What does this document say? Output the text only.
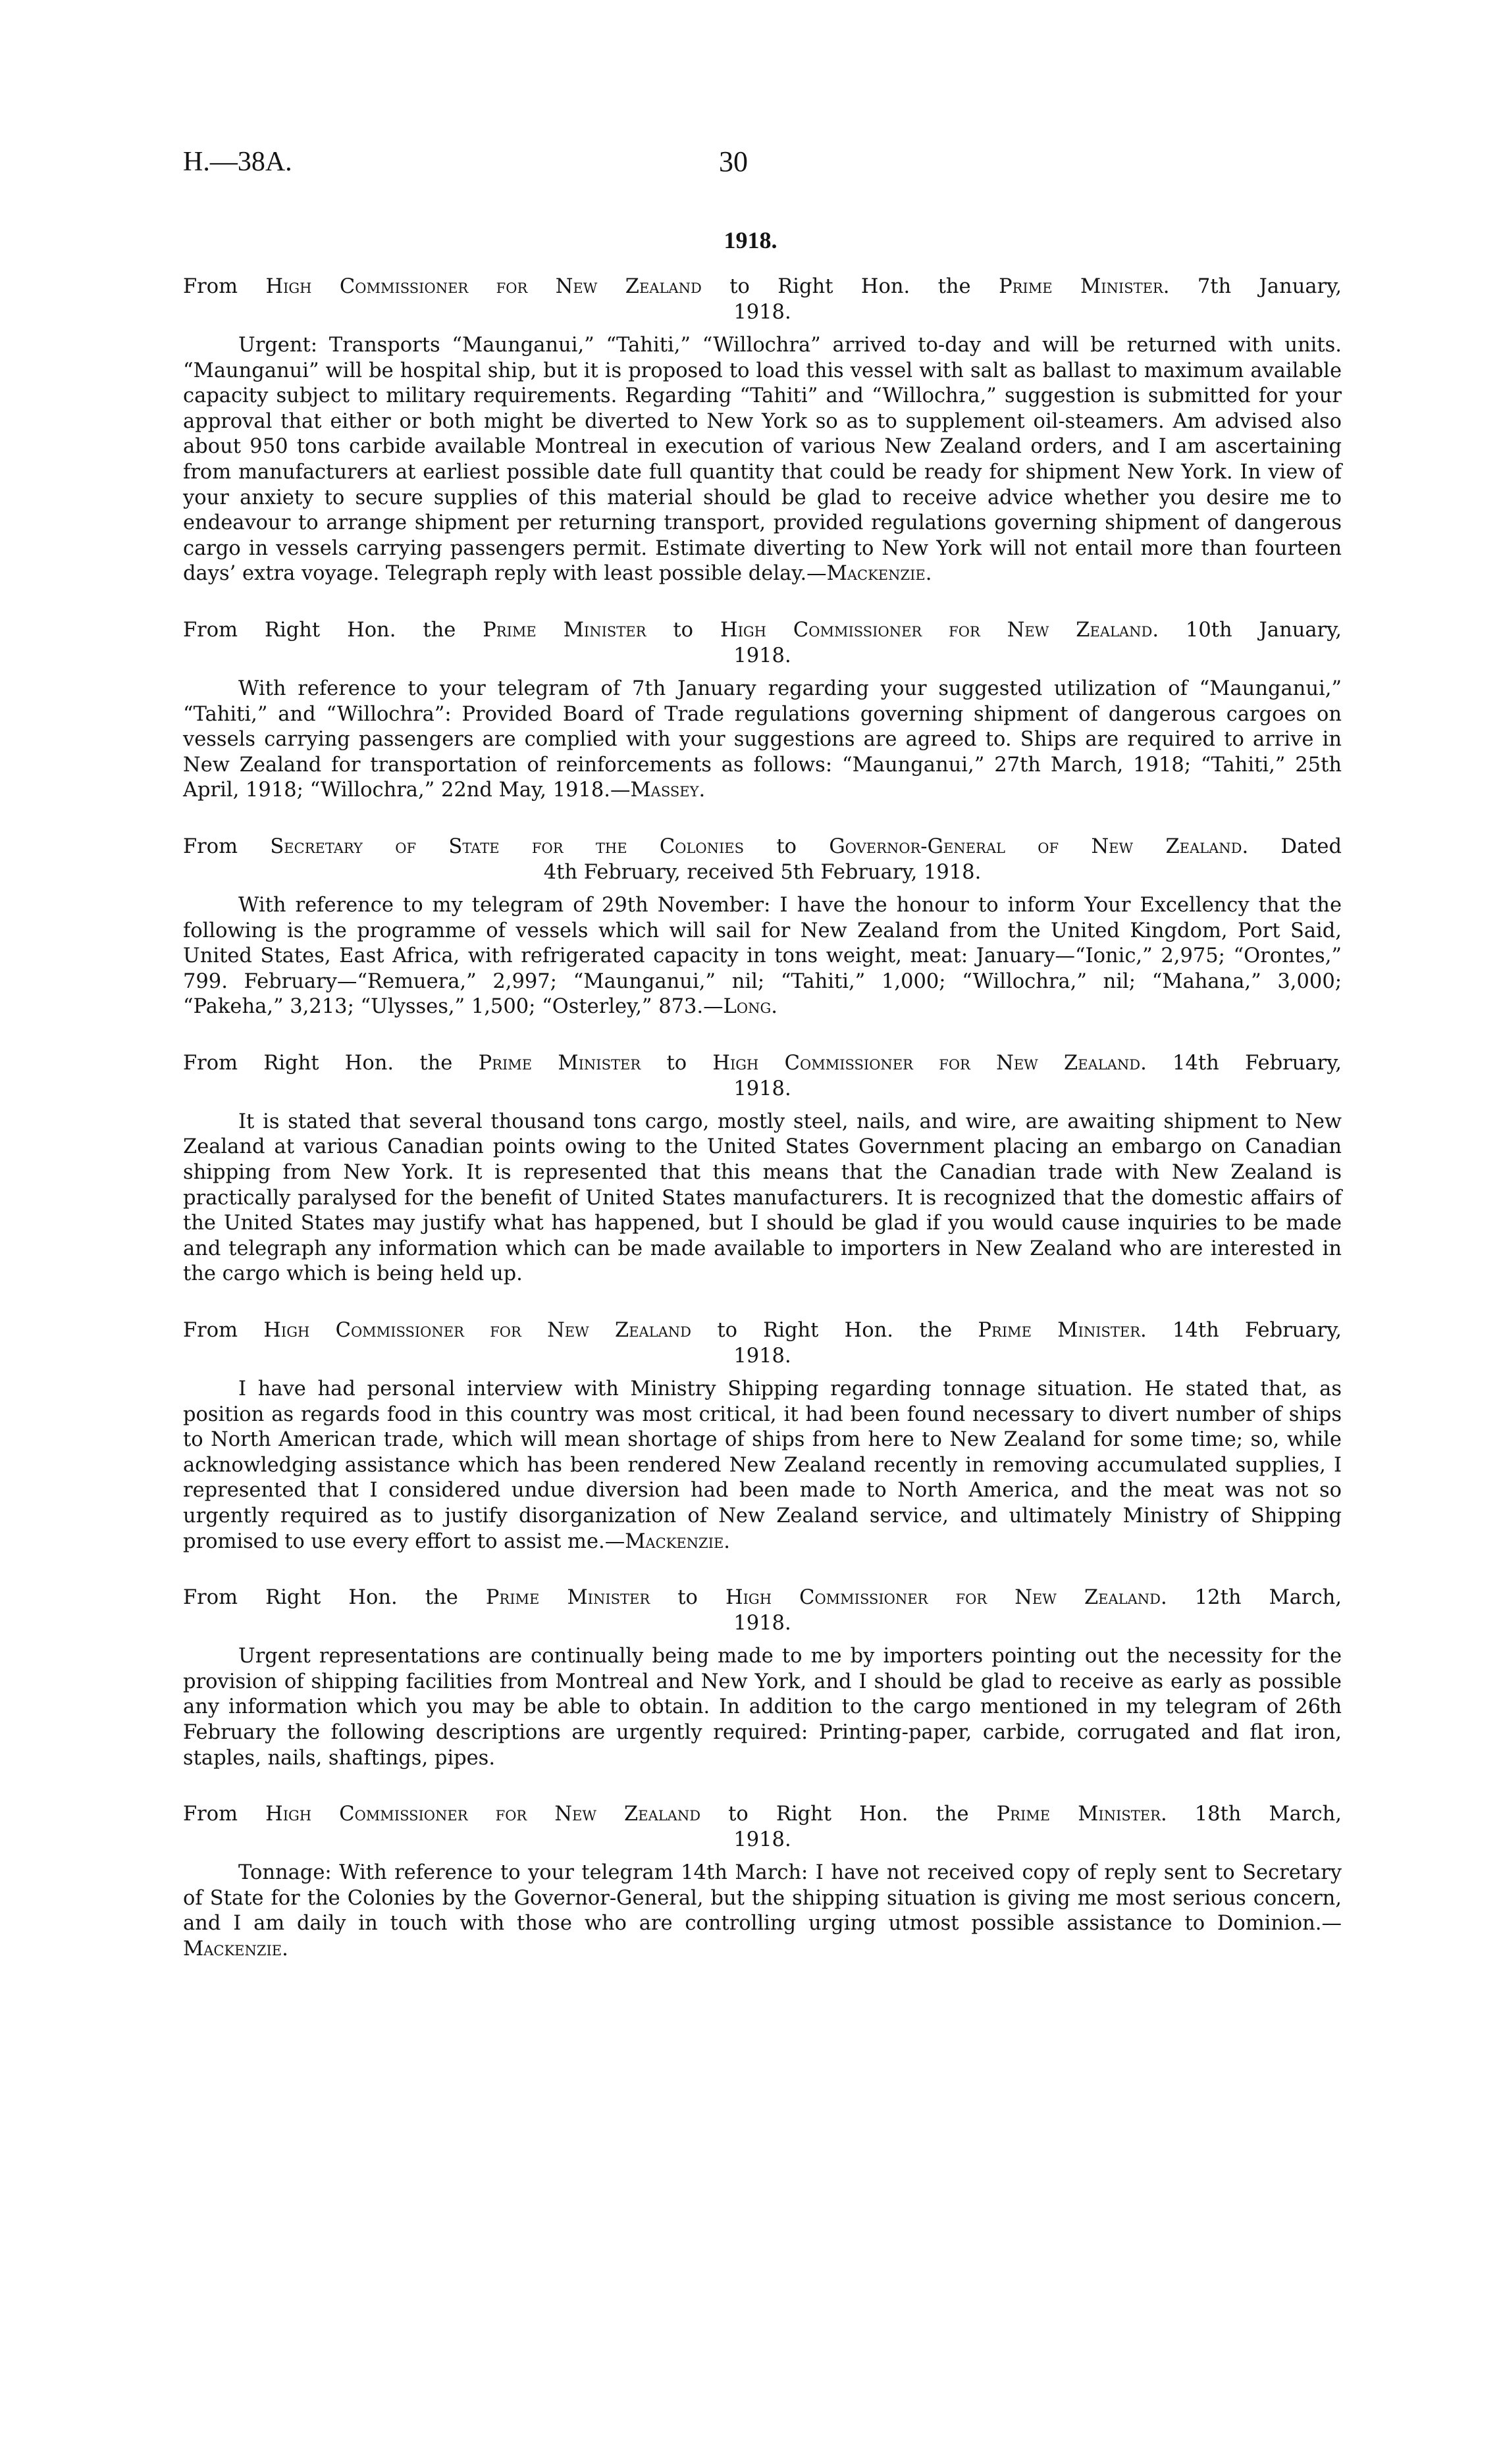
H.—38A.	30
1918.
From High Commissioner for New Zealand to Right Hon. the Prime Minister. 7th January,
1918.
Urgent: Transports “Maunganui,” “Tahiti,” “Willochra” arrived to-day and will be returned with units. “Maunganui” will be hospital ship, but it is proposed to load this vessel with salt as ballast to maximum available capacity subject to military requirements. Regarding “Tahiti” and “Willochra,” suggestion is submitted for your approval that either or both might be diverted to New York so as to supplement oil-steamers. Am advised also about 950 tons carbide available Montreal in execution of various New Zealand orders, and I am ascertaining from manufacturers at earliest possible date full quantity that could be ready for shipment New York. In view of your anxiety to secure supplies of this material should be glad to receive advice whether you desire me to endeavour to arrange shipment per returning transport, provided regulations governing shipment of dangerous cargo in vessels carrying passengers permit. Estimate diverting to New York will not entail more than fourteen days’ extra voyage. Telegraph reply with least possible delay.—Mackenzie.
From Right Hon. the Prime Minister to High Commissioner for New Zealand. 10th January,
1918.
With reference to your telegram of 7th January regarding your suggested utilization of “Maunganui,” “Tahiti,” and “Willochra”: Provided Board of Trade regulations governing shipment of dangerous cargoes on vessels carrying passengers are complied with your suggestions are agreed to. Ships are required to arrive in New Zealand for transportation of reinforcements as follows: “Maunganui,” 27th March, 1918; “Tahiti,” 25th April, 1918; “Willochra,” 22nd May, 1918.—Massey.
From Secretary of State for the Colonies to Governor-General of New Zealand. Dated
4th February, received 5th February, 1918.
With reference to my telegram of 29th November: I have the honour to inform Your Excellency that the following is the programme of vessels which will sail for New Zealand from the United Kingdom, Port Said, United States, East Africa, with refrigerated capacity in tons weight, meat: January—“Ionic,” 2,975; “Orontes,” 799. February—“Remuera,” 2,997; “Maunganui,” nil; “Tahiti,” 1,000; “Willochra,” nil; “Mahana,” 3,000; “Pakeha,” 3,213; “Ulysses,” 1,500; “Osterley,” 873.—Long.
From Right Hon. the Prime Minister to High Commissioner for New Zealand. 14th February,
1918.
It is stated that several thousand tons cargo, mostly steel, nails, and wire, are awaiting shipment to New Zealand at various Canadian points owing to the United States Government placing an embargo on Canadian shipping from New York. It is represented that this means that the Canadian trade with New Zealand is practically paralysed for the benefit of United States manufacturers. It is recognized that the domestic affairs of the United States may justify what has happened, but I should be glad if you would cause inquiries to be made and telegraph any information which can be made available to importers in New Zealand who are interested in the cargo which is being held up.
From High Commissioner for New Zealand to Right Hon. the Prime Minister. 14th February,
1918.
I have had personal interview with Ministry Shipping regarding tonnage situation. He stated that, as position as regards food in this country was most critical, it had been found necessary to divert number of ships to North American trade, which will mean shortage of ships from here to New Zealand for some time; so, while acknowledging assistance which has been rendered New Zealand recently in removing accumulated supplies, I represented that I considered undue diversion had been made to North America, and the meat was not so urgently required as to justify disorganization of New Zealand service, and ultimately Ministry of Shipping promised to use every effort to assist me.—Mackenzie.
From Right Hon. the Prime Minister to High Commissioner for New Zealand. 12th March,
1918.
Urgent representations are continually being made to me by importers pointing out the necessity for the provision of shipping facilities from Montreal and New York, and I should be glad to receive as early as possible any information which you may be able to obtain. In addition to the cargo mentioned in my telegram of 26th February the following descriptions are urgently required: Printing-paper, carbide, corrugated and flat iron, staples, nails, shaftings, pipes.
From High Commissioner for New Zealand to Right Hon. the Prime Minister. 18th March,
1918.
Tonnage: With reference to your telegram 14th March: I have not received copy of reply sent to Secretary of State for the Colonies by the Governor-General, but the shipping situation is giving me most serious concern, and I am daily in touch with those who are controlling urging utmost possible assistance to Dominion.—Mackenzie.
